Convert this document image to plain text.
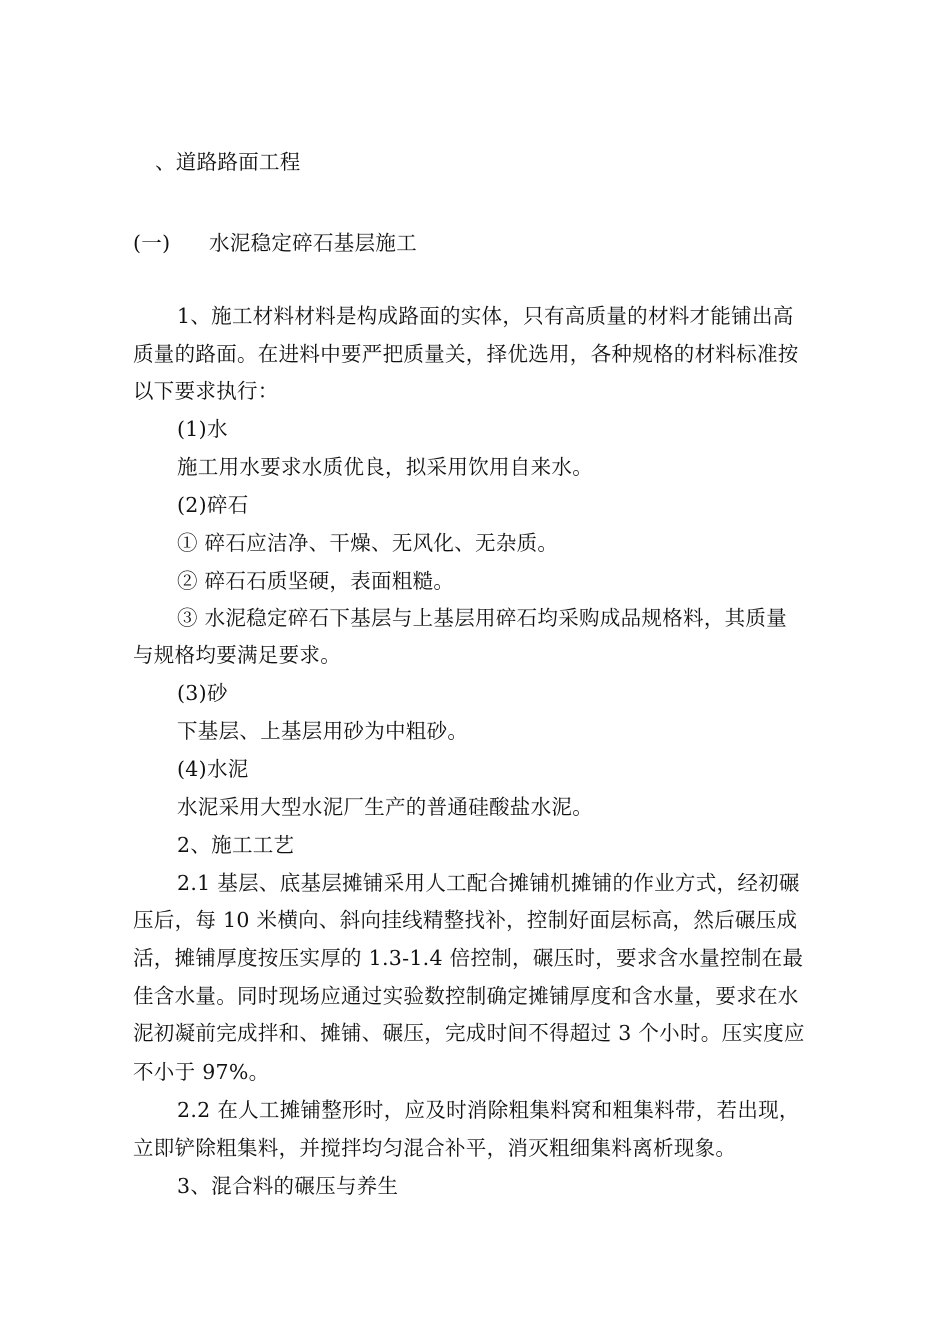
、道路路面工程
(一) 水泥稳定碎石基层施工
1、施工材料材料是构成路面的实体，只有高质量的材料才能铺出高
质量的路面。在进料中要严把质量关，择优选用，各种规格的材料标准按
以下要求执行：
(1)水
施工用水要求水质优良，拟采用饮用自来水。
(2)碎石
① 碎石应洁净、干燥、无风化、无杂质。
② 碎石石质坚硬，表面粗糙。
③ 水泥稳定碎石下基层与上基层用碎石均采购成品规格料，其质量
与规格均要满足要求。
(3)砂
下基层、上基层用砂为中粗砂。
(4)水泥
水泥采用大型水泥厂生产的普通硅酸盐水泥。
2、施工工艺
2.1 基层、底基层摊铺采用人工配合摊铺机摊铺的作业方式，经初碾
压后，每 10 米横向、斜向挂线精整找补，控制好面层标高，然后碾压成
活，摊铺厚度按压实厚的 1.3-1.4 倍控制，碾压时，要求含水量控制在最
佳含水量。同时现场应通过实验数控制确定摊铺厚度和含水量，要求在水
泥初凝前完成拌和、摊铺、碾压，完成时间不得超过 3 个小时。压实度应
不小于 97%。
2.2 在人工摊铺整形时，应及时消除粗集料窝和粗集料带，若出现，
立即铲除粗集料，并搅拌均匀混合补平，消灭粗细集料离析现象。
3、混合料的碾压与养生
